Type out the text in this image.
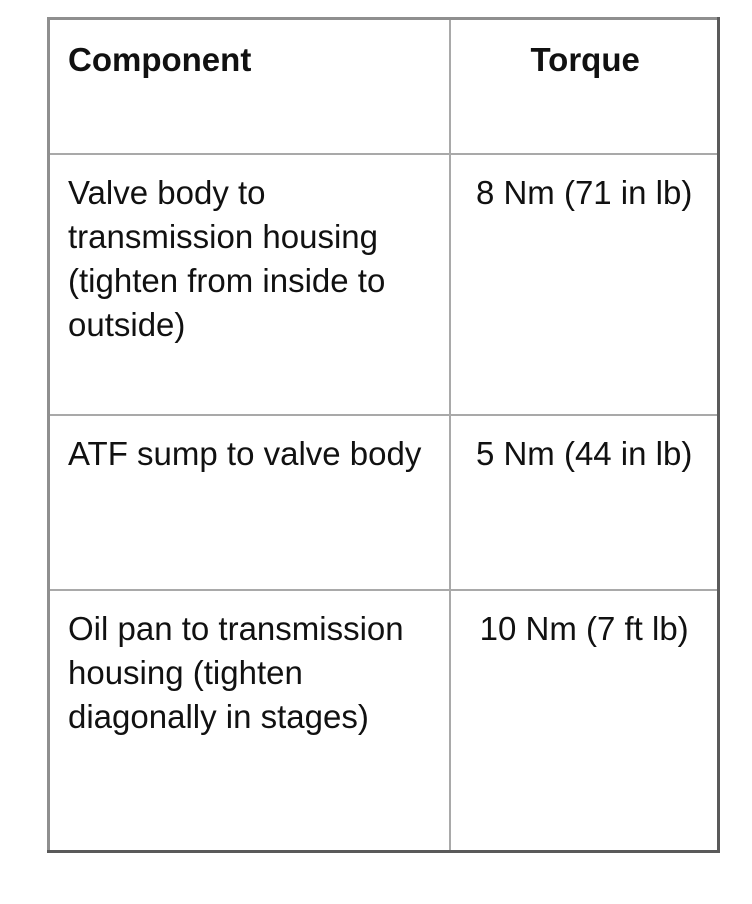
Component	Torque
Valve body to transmission housing (tighten from inside to outside)	8 Nm (71 in lb)
ATF sump to valve body	5 Nm (44 in lb)
Oil pan to transmission housing (tighten diagonally in stages)	10 Nm (7 ft lb)
